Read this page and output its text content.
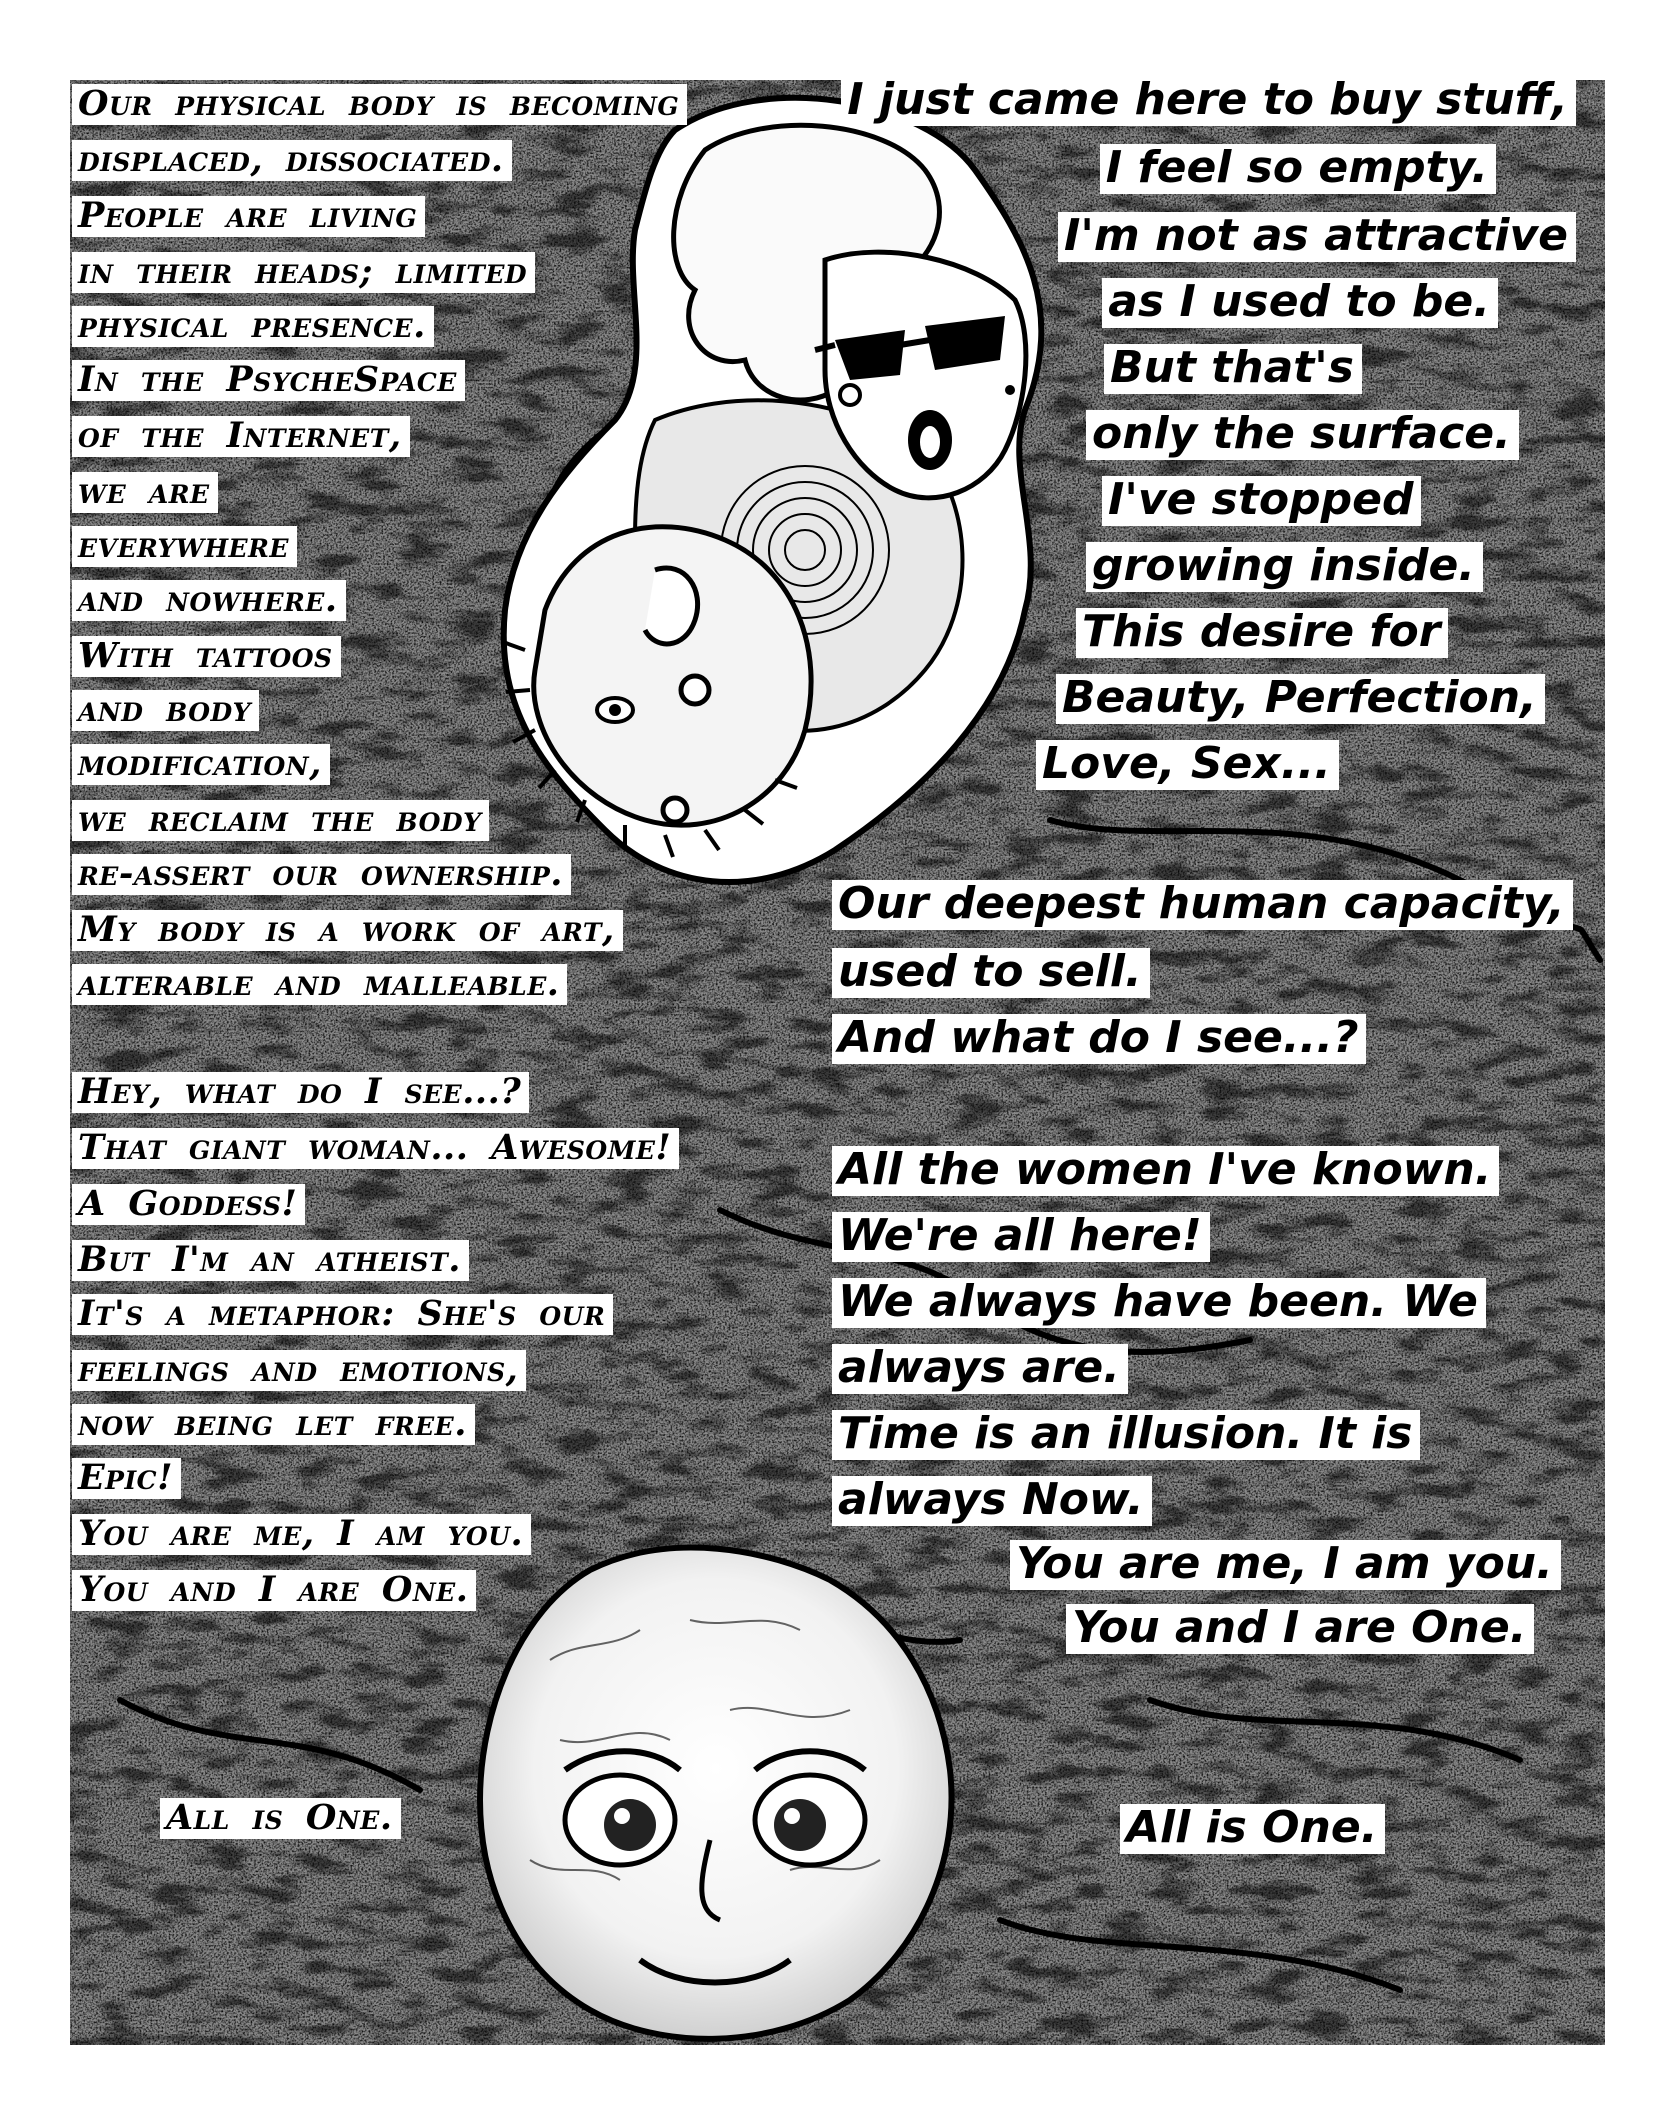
Our physical body is becoming
displaced, dissociated.
People are living
in their heads; limited
physical presence.
In the PsycheSpace
of the Internet,
we are
everywhere
and nowhere.
With tattoos
and body
modification,
we reclaim the body
re-assert our ownership.
My body is a work of art,
alterable and malleable.
Hey, what do I see...?
That giant woman... Awesome!
A Goddess!
But I'm an atheist.
It's a metaphor: She's our
feelings and emotions,
now being let free.
Epic!
You are me, I am you.
You and I are One.
I just came here to buy stuff,
I feel so empty.
I'm not as attractive
as I used to be.
But that's
only the surface.
I've stopped
growing inside.
This desire for
Beauty, Perfection,
Love, Sex...
Our deepest human capacity,
used to sell.
And what do I see...?
All the women I've known.
We're all here!
We always have been. We
always are.
Time is an illusion. It is
always Now.
You are me, I am you.
You and I are One.
All is One.	All is One.
